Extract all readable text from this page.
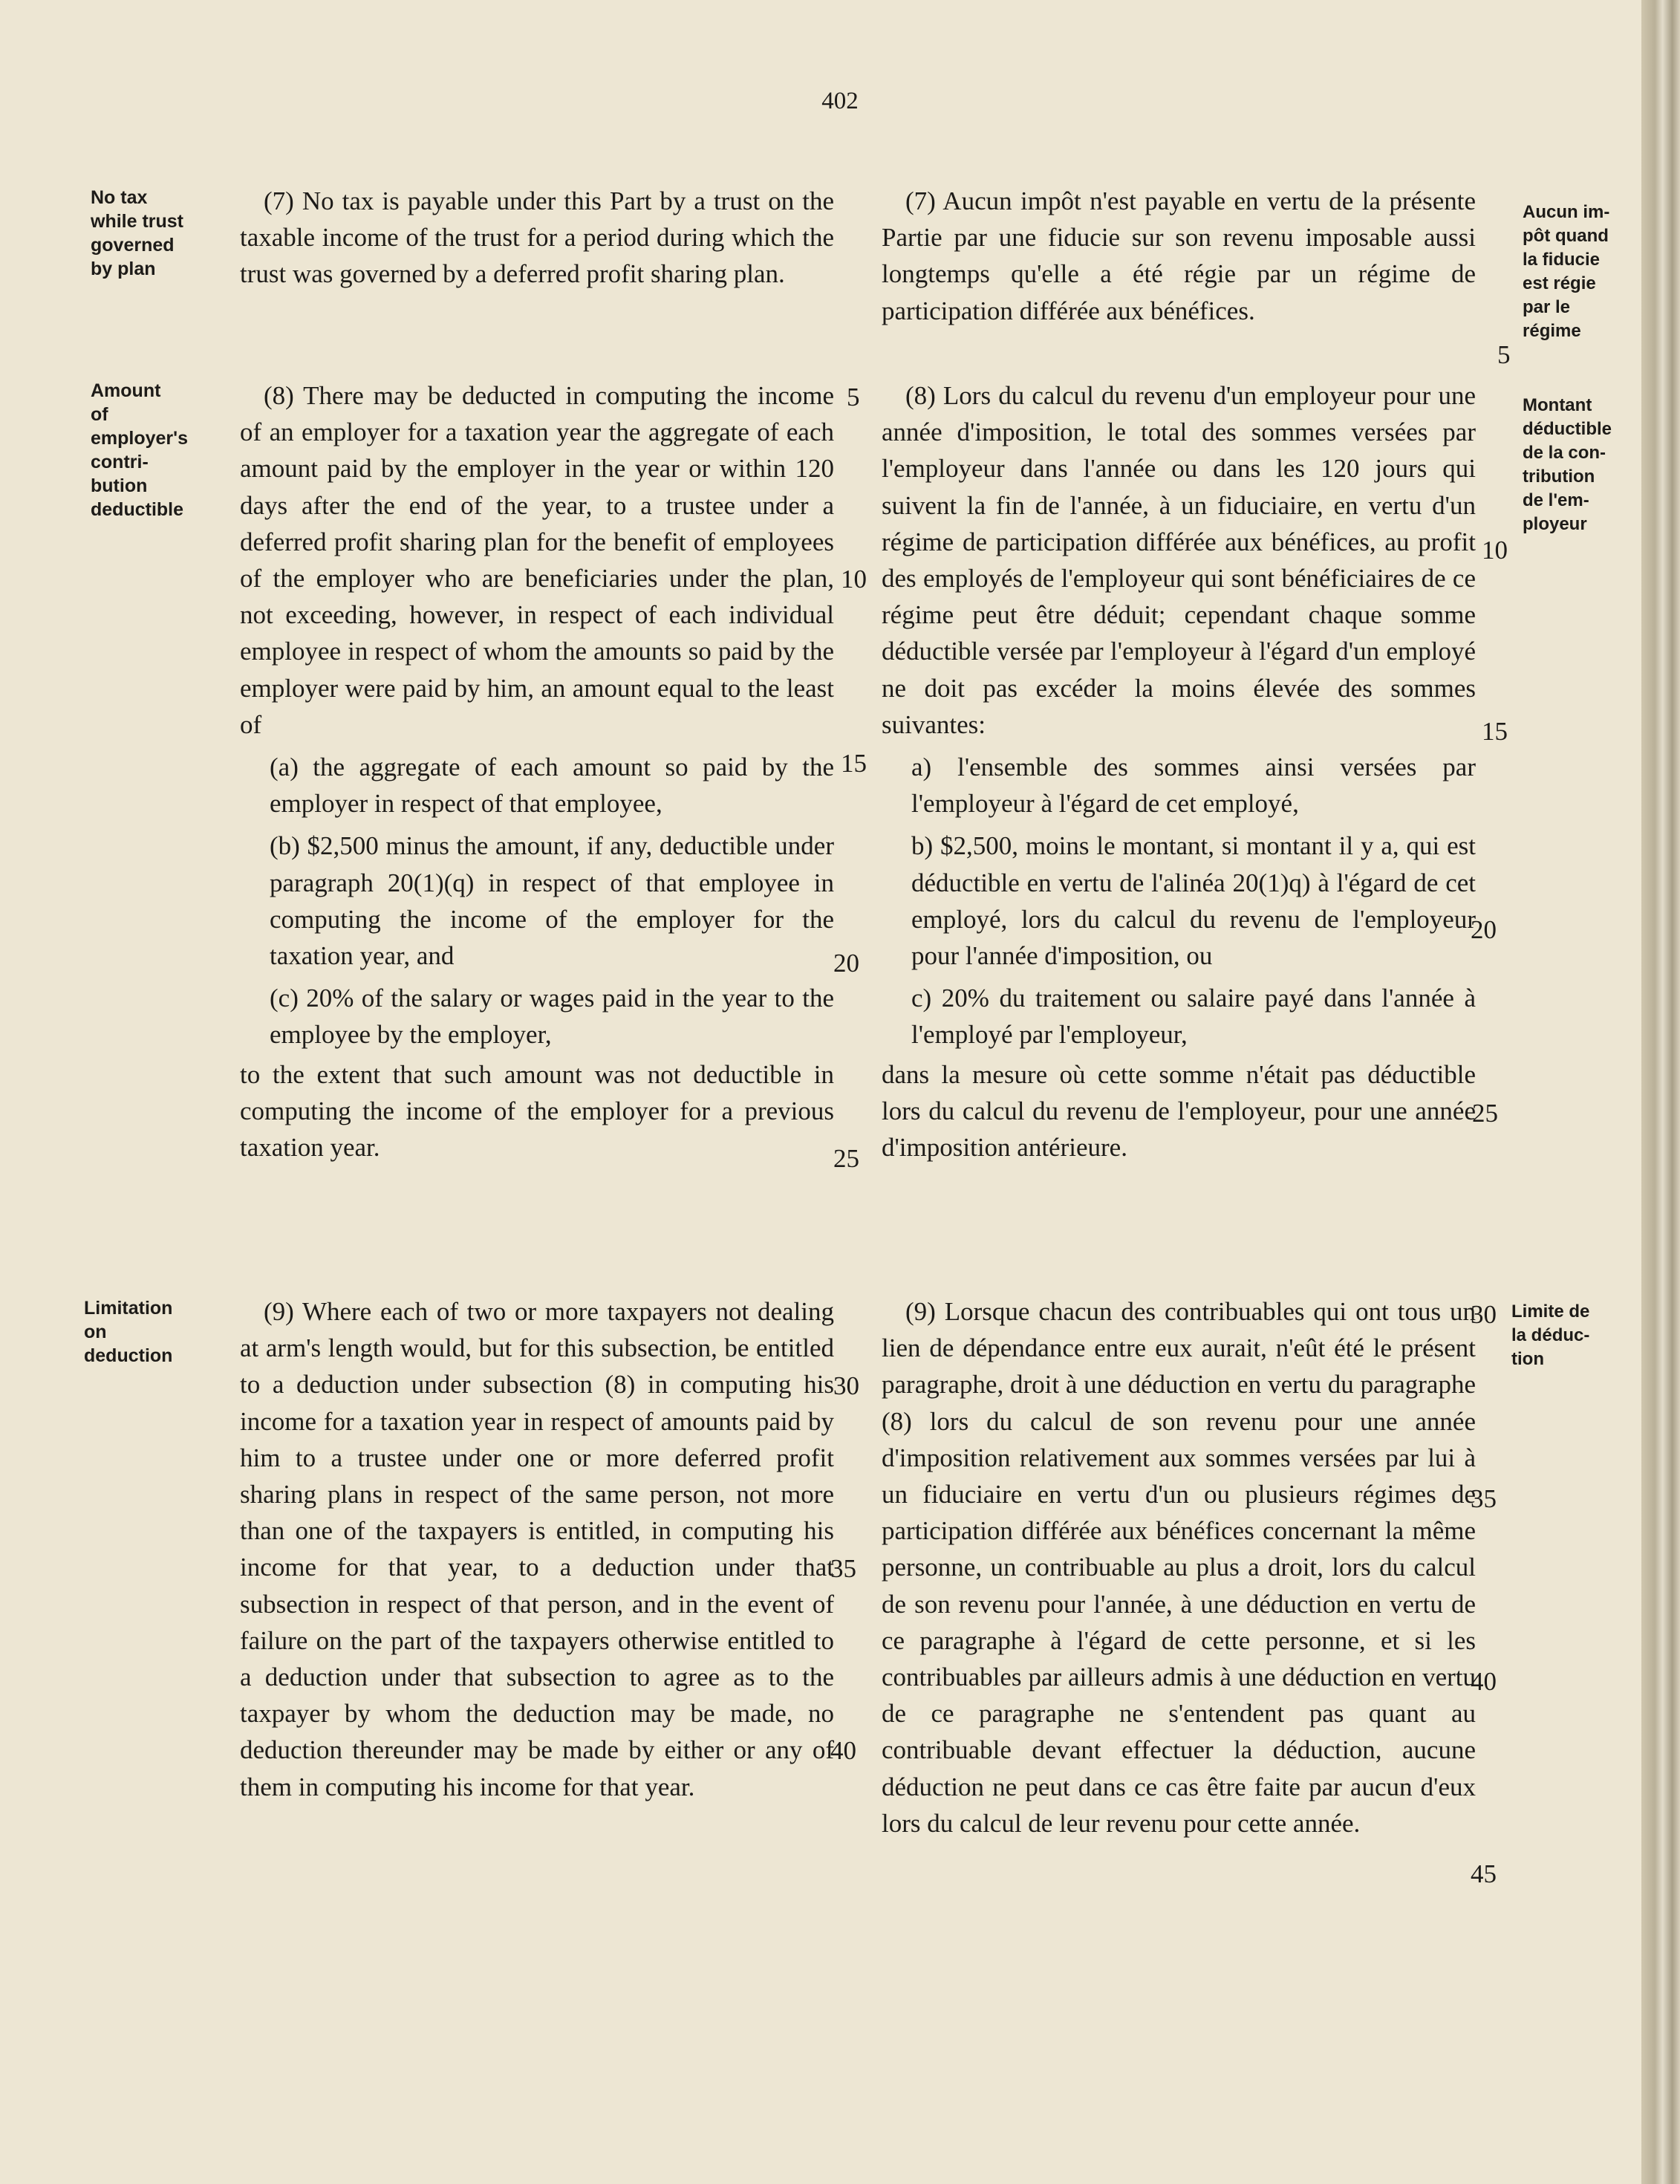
402
No tax
while trust
governed
by plan
Amount
of
employer's
contri-
bution
deductible
Limitation
on
deduction
Aucun im-
pôt quand
la fiducie
est régie
par le
régime
Montant
déductible
de la con-
tribution
de l'em-
ployeur
Limite de
la déduc-
tion

(7) No tax is payable under this Part by a trust on the taxable income of the trust for a period during which the trust was governed by a deferred profit sharing plan.

(8) There may be deducted in computing the income of an employer for a taxation year the aggregate of each amount paid by the employer in the year or within 120 days after the end of the year, to a trustee under a deferred profit sharing plan for the benefit of employees of the employer who are beneficiaries under the plan, not exceeding, however, in respect of each individual employee in respect of whom the amounts so paid by the employer were paid by him, an amount equal to the least of

(a) the aggregate of each amount so paid by the employer in respect of that employee,

(b) $2,500 minus the amount, if any, deductible under paragraph 20(1)(q) in respect of that employee in computing the income of the employer for the taxation year, and

(c) 20% of the salary or wages paid in the year to the employee by the employer,

to the extent that such amount was not deductible in computing the income of the employer for a previous taxation year.

(9) Where each of two or more taxpayers not dealing at arm's length would, but for this subsection, be entitled to a deduction under subsection (8) in computing his income for a taxation year in respect of amounts paid by him to a trustee under one or more deferred profit sharing plans in respect of the same person, not more than one of the taxpayers is entitled, in computing his income for that year, to a deduction under that subsection in respect of that person, and in the event of failure on the part of the taxpayers otherwise entitled to a deduction under that subsection to agree as to the taxpayer by whom the deduction may be made, no deduction thereunder may be made by either or any of them in computing his income for that year.

(7) Aucun impôt n'est payable en vertu de la présente Partie par une fiducie sur son revenu imposable aussi longtemps qu'elle a été régie par un régime de participation différée aux bénéfices.

(8) Lors du calcul du revenu d'un employeur pour une année d'imposition, le total des sommes versées par l'employeur dans l'année ou dans les 120 jours qui suivent la fin de l'année, à un fiduciaire, en vertu d'un régime de participation différée aux bénéfices, au profit des employés de l'employeur qui sont bénéficiaires de ce régime peut être déduit; cependant chaque somme déductible versée par l'employeur à l'égard d'un employé ne doit pas excéder la moins élevée des sommes suivantes:

a) l'ensemble des sommes ainsi versées par l'employeur à l'égard de cet employé,

b) $2,500, moins le montant, si montant il y a, qui est déductible en vertu de l'alinéa 20(1)q) à l'égard de cet employé, lors du calcul du revenu de l'employeur pour l'année d'imposition, ou

c) 20% du traitement ou salaire payé dans l'année à l'employé par l'employeur,

dans la mesure où cette somme n'était pas déductible lors du calcul du revenu de l'employeur, pour une année d'imposition antérieure.

(9) Lorsque chacun des contribuables qui ont tous un lien de dépendance entre eux aurait, n'eût été le présent paragraphe, droit à une déduction en vertu du paragraphe (8) lors du calcul de son revenu pour une année d'imposition relativement aux sommes versées par lui à un fiduciaire en vertu d'un ou plusieurs régimes de participation différée aux bénéfices concernant la même personne, un contribuable au plus a droit, lors du calcul de son revenu pour l'année, à une déduction en vertu de ce paragraphe à l'égard de cette personne, et si les contribuables par ailleurs admis à une déduction en vertu de ce paragraphe ne s'entendent pas quant au contribuable devant effectuer la déduction, aucune déduction ne peut dans ce cas être faite par aucun d'eux lors du calcul de leur revenu pour cette année.

5
10
15
20
25
30
35
40
5
10
15
20
25
30
35
40
45
